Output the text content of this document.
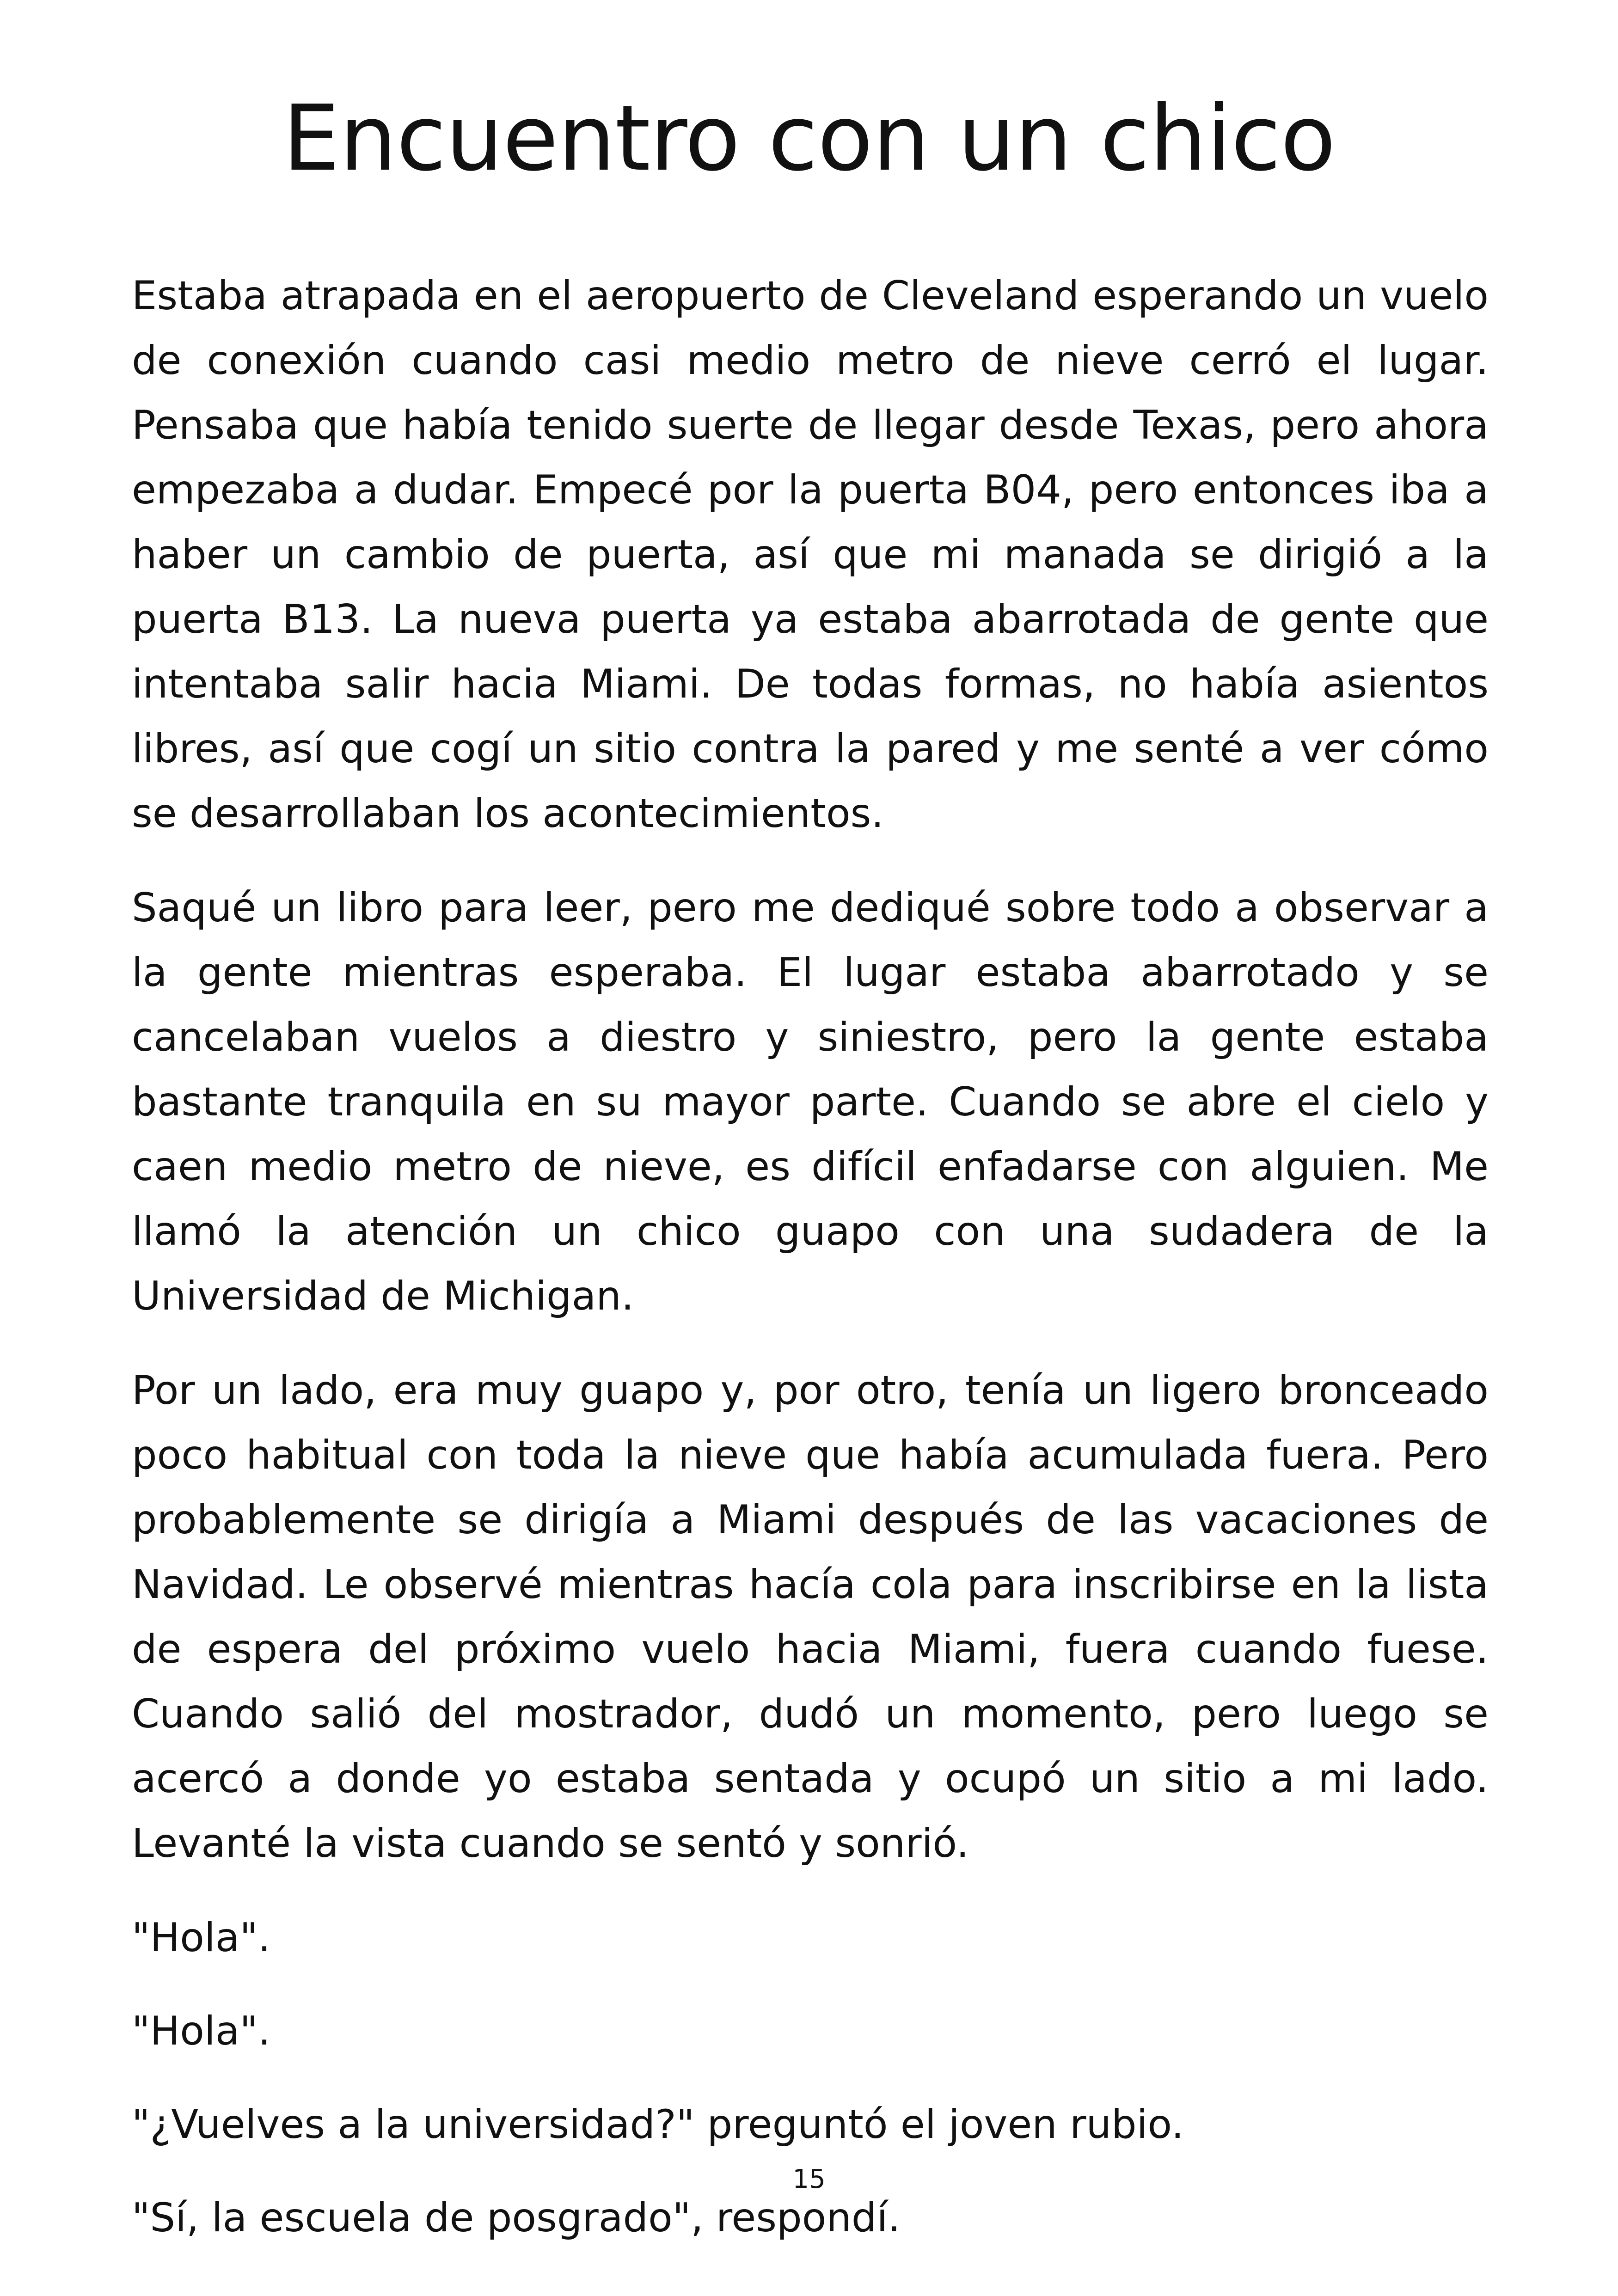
Encuentro con un chico

Estaba atrapada en el aeropuerto de Cleveland esperando un vuelo de conexión cuando casi medio metro de nieve cerró el lugar. Pensaba que había tenido suerte de llegar desde Texas, pero ahora empezaba a dudar. Empecé por la puerta B04, pero entonces iba a haber un cambio de puerta, así que mi manada se dirigió a la puerta B13. La nueva puerta ya estaba abarrotada de gente que intentaba salir hacia Miami. De todas formas, no había asientos libres, así que cogí un sitio contra la pared y me senté a ver cómo se desarrollaban los acontecimientos.

Saqué un libro para leer, pero me dediqué sobre todo a observar a la gente mientras esperaba. El lugar estaba abarrotado y se cancelaban vuelos a diestro y siniestro, pero la gente estaba bastante tranquila en su mayor parte. Cuando se abre el cielo y caen medio metro de nieve, es difícil enfadarse con alguien. Me llamó la atención un chico guapo con una sudadera de la Universidad de Michigan.

Por un lado, era muy guapo y, por otro, tenía un ligero bronceado poco habitual con toda la nieve que había acumulada fuera. Pero probablemente se dirigía a Miami después de las vacaciones de Navidad. Le observé mientras hacía cola para inscribirse en la lista de espera del próximo vuelo hacia Miami, fuera cuando fuese. Cuando salió del mostrador, dudó un momento, pero luego se acercó a donde yo estaba sentada y ocupó un sitio a mi lado. Levanté la vista cuando se sentó y sonrió.

"Hola".

"Hola".

"¿Vuelves a la universidad?" preguntó el joven rubio.

"Sí, la escuela de posgrado", respondí.

15
